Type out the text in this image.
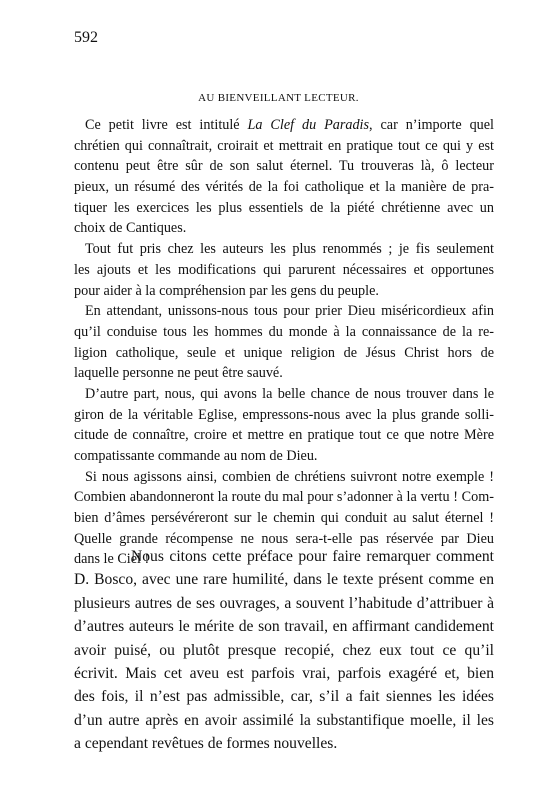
592
AU BIENVEILLANT LECTEUR.
Ce petit livre est intitulé La Clef du Paradis, car n’importe quel
chrétien qui connaîtrait, croirait et mettrait en pratique tout ce qui y est
contenu peut être sûr de son salut éternel. Tu trouveras là, ô lecteur
pieux, un résumé des vérités de la foi catholique et la manière de pra-
tiquer les exercices les plus essentiels de la piété chrétienne avec un
choix de Cantiques.
Tout fut pris chez les auteurs les plus renommés ; je fis seulement
les ajouts et les modifications qui parurent nécessaires et opportunes
pour aider à la compréhension par les gens du peuple.
En attendant, unissons-nous tous pour prier Dieu miséricordieux afin
qu’il conduise tous les hommes du monde à la connaissance de la re-
ligion catholique, seule et unique religion de Jésus Christ hors de
laquelle personne ne peut être sauvé.
D’autre part, nous, qui avons la belle chance de nous trouver dans le
giron de la véritable Eglise, empressons-nous avec la plus grande solli-
citude de connaître, croire et mettre en pratique tout ce que notre Mère
compatissante commande au nom de Dieu.
Si nous agissons ainsi, combien de chrétiens suivront notre exemple !
Combien abandonneront la route du mal pour s’adonner à la vertu ! Com-
bien d’âmes persévéreront sur le chemin qui conduit au salut éternel !
Quelle grande récompense ne nous sera-t-elle pas réservée par Dieu
dans le Ciel !
Nous citons cette préface pour faire remarquer comment
D. Bosco, avec une rare humilité, dans le texte présent comme en
plusieurs autres de ses ouvrages, a souvent l’habitude d’attribuer à
d’autres auteurs le mérite de son travail, en affirmant candidement
avoir puisé, ou plutôt presque recopié, chez eux tout ce qu’il
écrivit. Mais cet aveu est parfois vrai, parfois exagéré et, bien
des fois, il n’est pas admissible, car, s’il a fait siennes les idées
d’un autre après en avoir assimilé la substantifique moelle, il les
a cependant revêtues de formes nouvelles.
